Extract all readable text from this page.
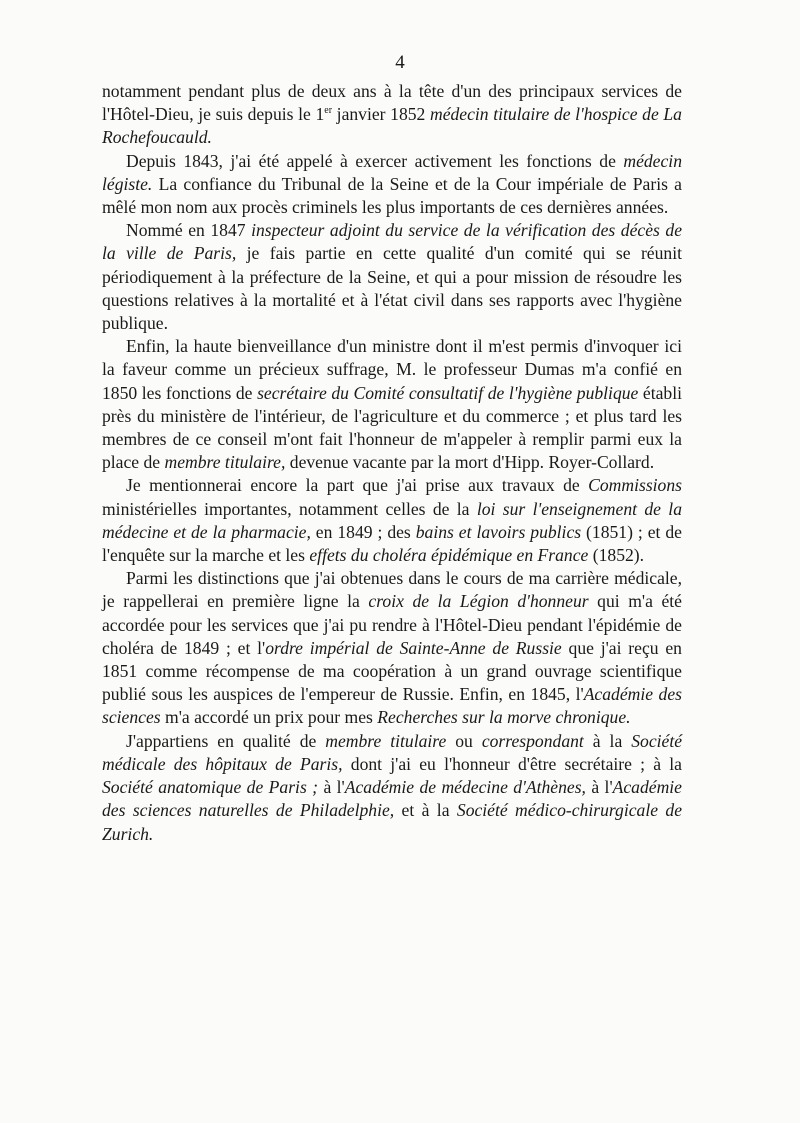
4

notamment pendant plus de deux ans à la tête d'un des principaux services de l'Hôtel-Dieu, je suis depuis le 1er janvier 1852 médecin titulaire de l'hospice de La Rochefoucauld.

Depuis 1843, j'ai été appelé à exercer activement les fonctions de médecin légiste. La confiance du Tribunal de la Seine et de la Cour impériale de Paris a mêlé mon nom aux procès criminels les plus importants de ces dernières années.

Nommé en 1847 inspecteur adjoint du service de la vérification des décès de la ville de Paris, je fais partie en cette qualité d'un comité qui se réunit périodiquement à la préfecture de la Seine, et qui a pour mission de résoudre les questions relatives à la mortalité et à l'état civil dans ses rapports avec l'hygiène publique.

Enfin, la haute bienveillance d'un ministre dont il m'est permis d'invoquer ici la faveur comme un précieux suffrage, M. le professeur Dumas m'a confié en 1850 les fonctions de secrétaire du Comité consultatif de l'hygiène publique établi près du ministère de l'intérieur, de l'agriculture et du commerce ; et plus tard les membres de ce conseil m'ont fait l'honneur de m'appeler à remplir parmi eux la place de membre titulaire, devenue vacante par la mort d'Hipp. Royer-Collard.

Je mentionnerai encore la part que j'ai prise aux travaux de Commissions ministérielles importantes, notamment celles de la loi sur l'enseignement de la médecine et de la pharmacie, en 1849 ; des bains et lavoirs publics (1851) ; et de l'enquête sur la marche et les effets du choléra épidémique en France (1852).

Parmi les distinctions que j'ai obtenues dans le cours de ma carrière médicale, je rappellerai en première ligne la croix de la Légion d'honneur qui m'a été accordée pour les services que j'ai pu rendre à l'Hôtel-Dieu pendant l'épidémie de choléra de 1849 ; et l'ordre impérial de Sainte-Anne de Russie que j'ai reçu en 1851 comme récompense de ma coopération à un grand ouvrage scientifique publié sous les auspices de l'empereur de Russie. Enfin, en 1845, l'Académie des sciences m'a accordé un prix pour mes Recherches sur la morve chronique.

J'appartiens en qualité de membre titulaire ou correspondant à la Société médicale des hôpitaux de Paris, dont j'ai eu l'honneur d'être secrétaire ; à la Société anatomique de Paris ; à l'Académie de médecine d'Athènes, à l'Académie des sciences naturelles de Philadelphie, et à la Société médico-chirurgicale de Zurich.
